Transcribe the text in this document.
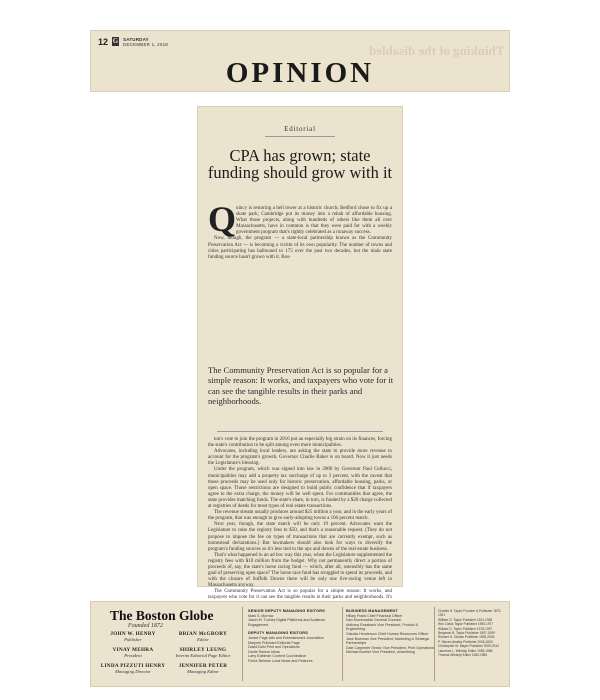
12 G SATURDAY
DECEMBER 1, 2018	Thinking of the disabled
OPINION
Editorial
CPA has grown; state funding should grow with it
Q uincy is restoring a bell tower at a historic church; Bedford chose to fix up a skate park; Cambridge put its money into a rehab of affordable housing. What those projects, along with hundreds of others like them all over Massachusetts, have in common is that they were paid for with a weekly government program that's rightly celebrated as a runaway success.

Now, though, the program — a state-local partnership known as the Community Preservation Act — is becoming a victim of its own popularity. The number of towns and cities participating has ballooned to 175 over the past two decades, but the main state funding source hasn't grown with it. Bos-

The Community Preservation Act is so popular for a simple reason: It works, and taxpayers who vote for it can see the tangible results in their parks and neighborhoods.

ton's vote to join the program in 2016 put an especially big strain on its finances, forcing the state's contribution to be split among even more municipalities.

Advocates, including local leaders, are asking the state to provide more revenue to account for the program's growth. Governor Charlie Baker is on board. Now it just needs the Legislature's blessing.

Under the program, which was signed into law in 2000 by Governor Paul Cellucci, municipalities may add a property tax surcharge of up to 3 percent, with the caveat that those proceeds may be used only for historic preservation, affordable housing, parks, or open space. Those restrictions are designed to build public confidence that if taxpayers agree to the extra charge, the money will be well spent. For communities that agree, the state provides matching funds. The state's share, in turn, is funded by a $20 charge collected at registries of deeds for most types of real estate transactions.

The revenue stream usually produces around $25 million a year, and in the early years of the program, that was enough to give early-adopting towns a 100 percent match.

Next year, though, the state match will be only 19 percent. Advocates want the Legislature to raise the registry fees to $50, and that's a reasonable request. (They do not propose to impose the fee on types of transactions that are currently exempt, such as homestead declarations.) But lawmakers should also look for ways to diversify the program's funding sources so it's less tied to the ups and downs of the real estate business.

That's what happened in an ad hoc way this year, when the Legislature supplemented the registry fees with $10 million from the budget. Why not permanently direct a portion of proceeds of, say, the state's horse racing fund — which, after all, ostensibly has the same goal of preserving open space? The horse race fund has struggled to spend its proceeds, and with the closure of Suffolk Downs there will be only one live-racing venue left in Massachusetts anyway.

The Community Preservation Act is so popular for a simple reason: It works, and taxpayers who vote for it can see the tangible results in their parks and neighborhoods. It's

The Boston Globe
Founded 1872
JOHN W. HENRY
Publisher
BRIAN McGRORY
Editor
VINAY MEHRA
President
SHIRLEY LEUNG
Interim Editorial Page Editor
LINDA PIZZUTI HENRY
Managing Director
JENNIFER PETER
Managing Editor
SENIOR DEPUTY MANAGING EDITORS
Mark S. Morrow
Jason M. Tuohey Digital Platforms and Audience Engagement
DEPUTY MANAGING EDITORS
Janice Page Arts and Entertainment Journalism
Marjorie Pritchard Editorial Page
David Dahl Print and Operations
Dante Ramos Ideas
Larry Edelman Content Coordination
Felice Belman Local News and Features
BUSINESS MANAGEMENT
Hillary Frank Chief Financial Officer
Dan Krockmalnic General Counsel
Anthony Rossbach Vice President, Product & Engineering
Claudia Henderson Chief Human Resources Officer
Jane Bowman Vice President, Marketing & Strategic
Partnerships
Dale Carpenter Senior Vice President, Print Operations
Michael Brother Vice President, Advertising
Charles H. Taylor Founder & Publisher 1873-1921
William O. Taylor Publisher 1921-1955
Wm. Davis Taylor Publisher 1955-1977
William O. Taylor Publisher 1978-1997
Benjamin B. Taylor Publisher 1997-1999
Richard H. Gilman Publisher 1999-2006
P. Steven Ainsley Publisher 2006-2009
Christopher M. Mayer Publisher 2009-2014
Laurence L. Winship Editor 1955-1965
Thomas Winship Editor 1965-1984
